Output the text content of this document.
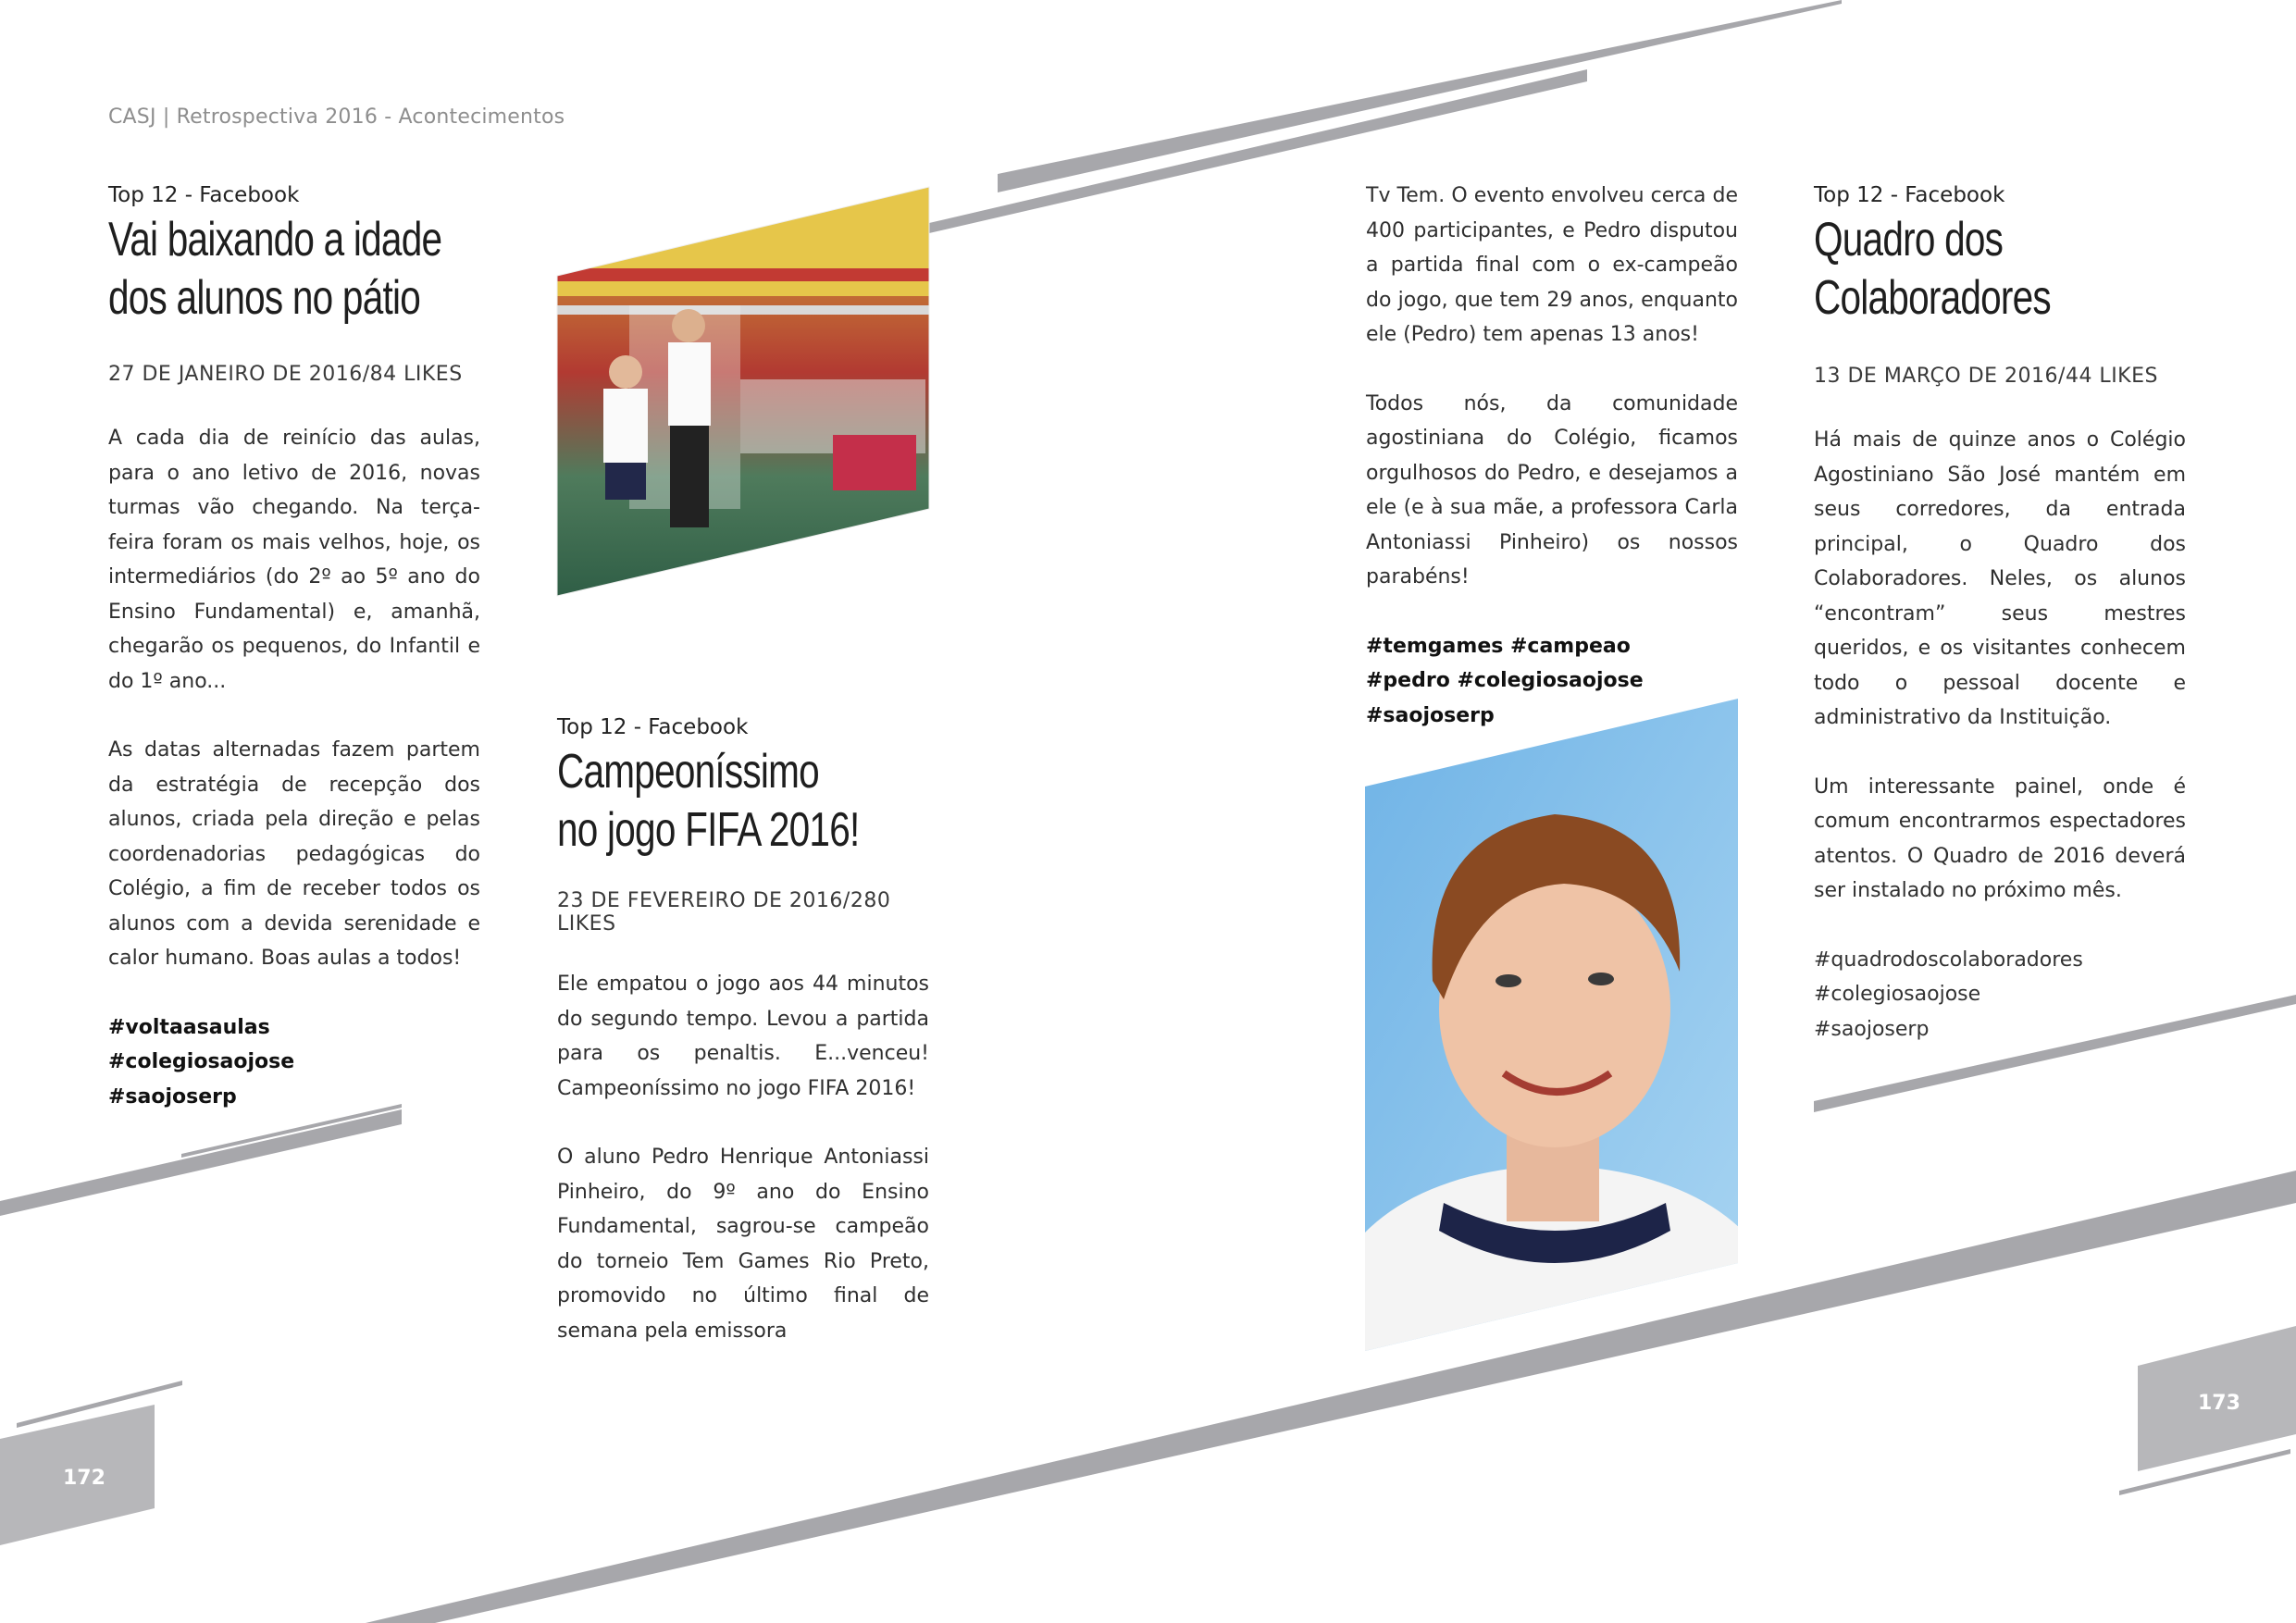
CASJ | Retrospectiva 2016 - Acontecimentos

Top 12 - Facebook

Vai baixando a idade
dos alunos no pátio

27 DE JANEIRO DE 2016/84 LIKES

A cada dia de reinício das aulas, para o ano letivo de 2016, novas turmas vão chegando. Na terça-feira foram os mais velhos, hoje, os intermediários (do 2º ao 5º ano do Ensino Fundamental) e, amanhã, chegarão os pequenos, do Infantil e do 1º ano...

As datas alternadas fazem partem da estratégia de recepção dos alunos, criada pela direção e pelas coordenadorias pedagógicas do Colégio, a fim de receber todos os alunos com a devida serenidade e calor humano. Boas aulas a todos!

#voltaasaulas
#colegiosaojose
#saojoserp

Top 12 - Facebook

Campeoníssimo
no jogo FIFA 2016!

23 DE FEVEREIRO DE 2016/280 LIKES

Ele empatou o jogo aos 44 minutos do segundo tempo. Levou a partida para os penaltis. E...venceu! Campeoníssimo no jogo FIFA 2016!

O aluno Pedro Henrique Antoniassi Pinheiro, do 9º ano do Ensino Fundamental, sagrou-se campeão do torneio Tem Games Rio Preto, promovido no último final de semana pela emissora

Tv Tem. O evento envolveu cerca de 400 participantes, e Pedro disputou a partida final com o ex-campeão do jogo, que tem 29 anos, enquanto ele (Pedro) tem apenas 13 anos!

Todos nós, da comunidade agostiniana do Colégio, ficamos orgulhosos do Pedro, e desejamos a ele (e à sua mãe, a professora Carla Antoniassi Pinheiro) os nossos parabéns!

#temgames #campeao
#pedro #colegiosaojose
#saojoserp

Top 12 - Facebook

Quadro dos Colaboradores

13 DE MARÇO DE 2016/44 LIKES

Há mais de quinze anos o Colégio Agostiniano São José mantém em seus corredores, da entrada principal, o Quadro dos Colaboradores. Neles, os alunos “encontram” seus mestres queridos, e os visitantes conhecem todo o pessoal docente e administrativo da Instituição.

Um interessante painel, onde é comum encontrarmos espectadores atentos. O Quadro de 2016 deverá ser instalado no próximo mês.

#quadrodoscolaboradores
#colegiosaojose
#saojoserp
172
173
